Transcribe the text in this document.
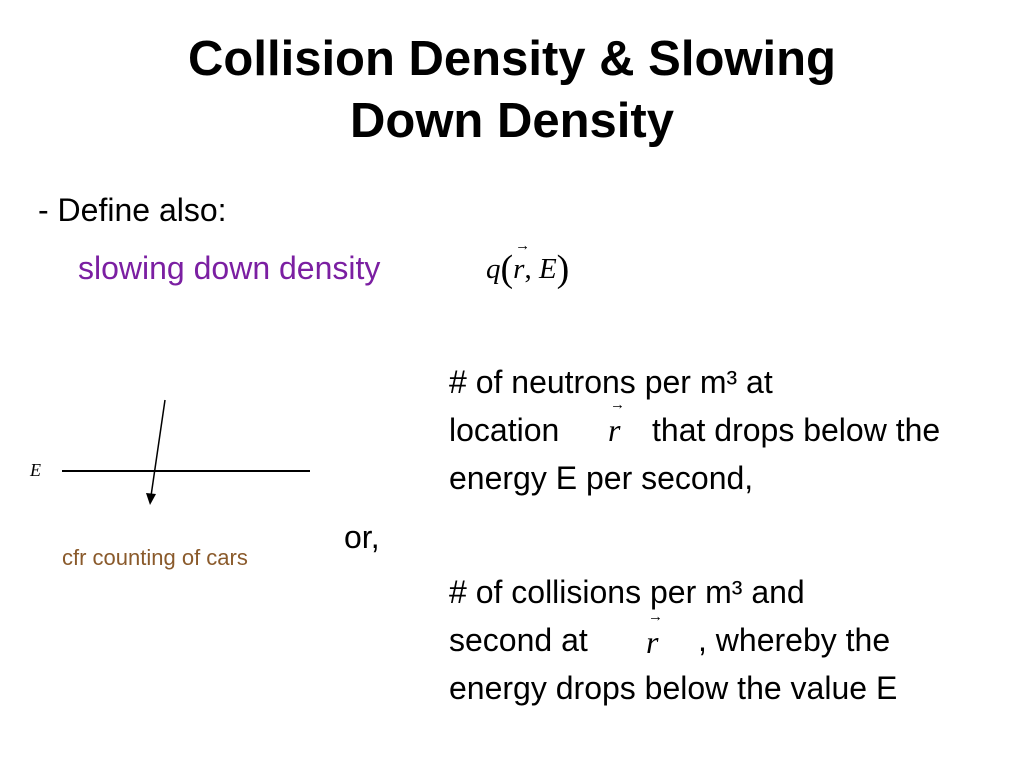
Collision Density & Slowing
Down Density
- Define also:
slowing down density	q(→ r, E)
# of neutrons per m³ at
location → r that drops below the
energy E per second,
or,
# of collisions per m³ and
second at → r , whereby the
energy drops below the value E
E
cfr counting of cars
